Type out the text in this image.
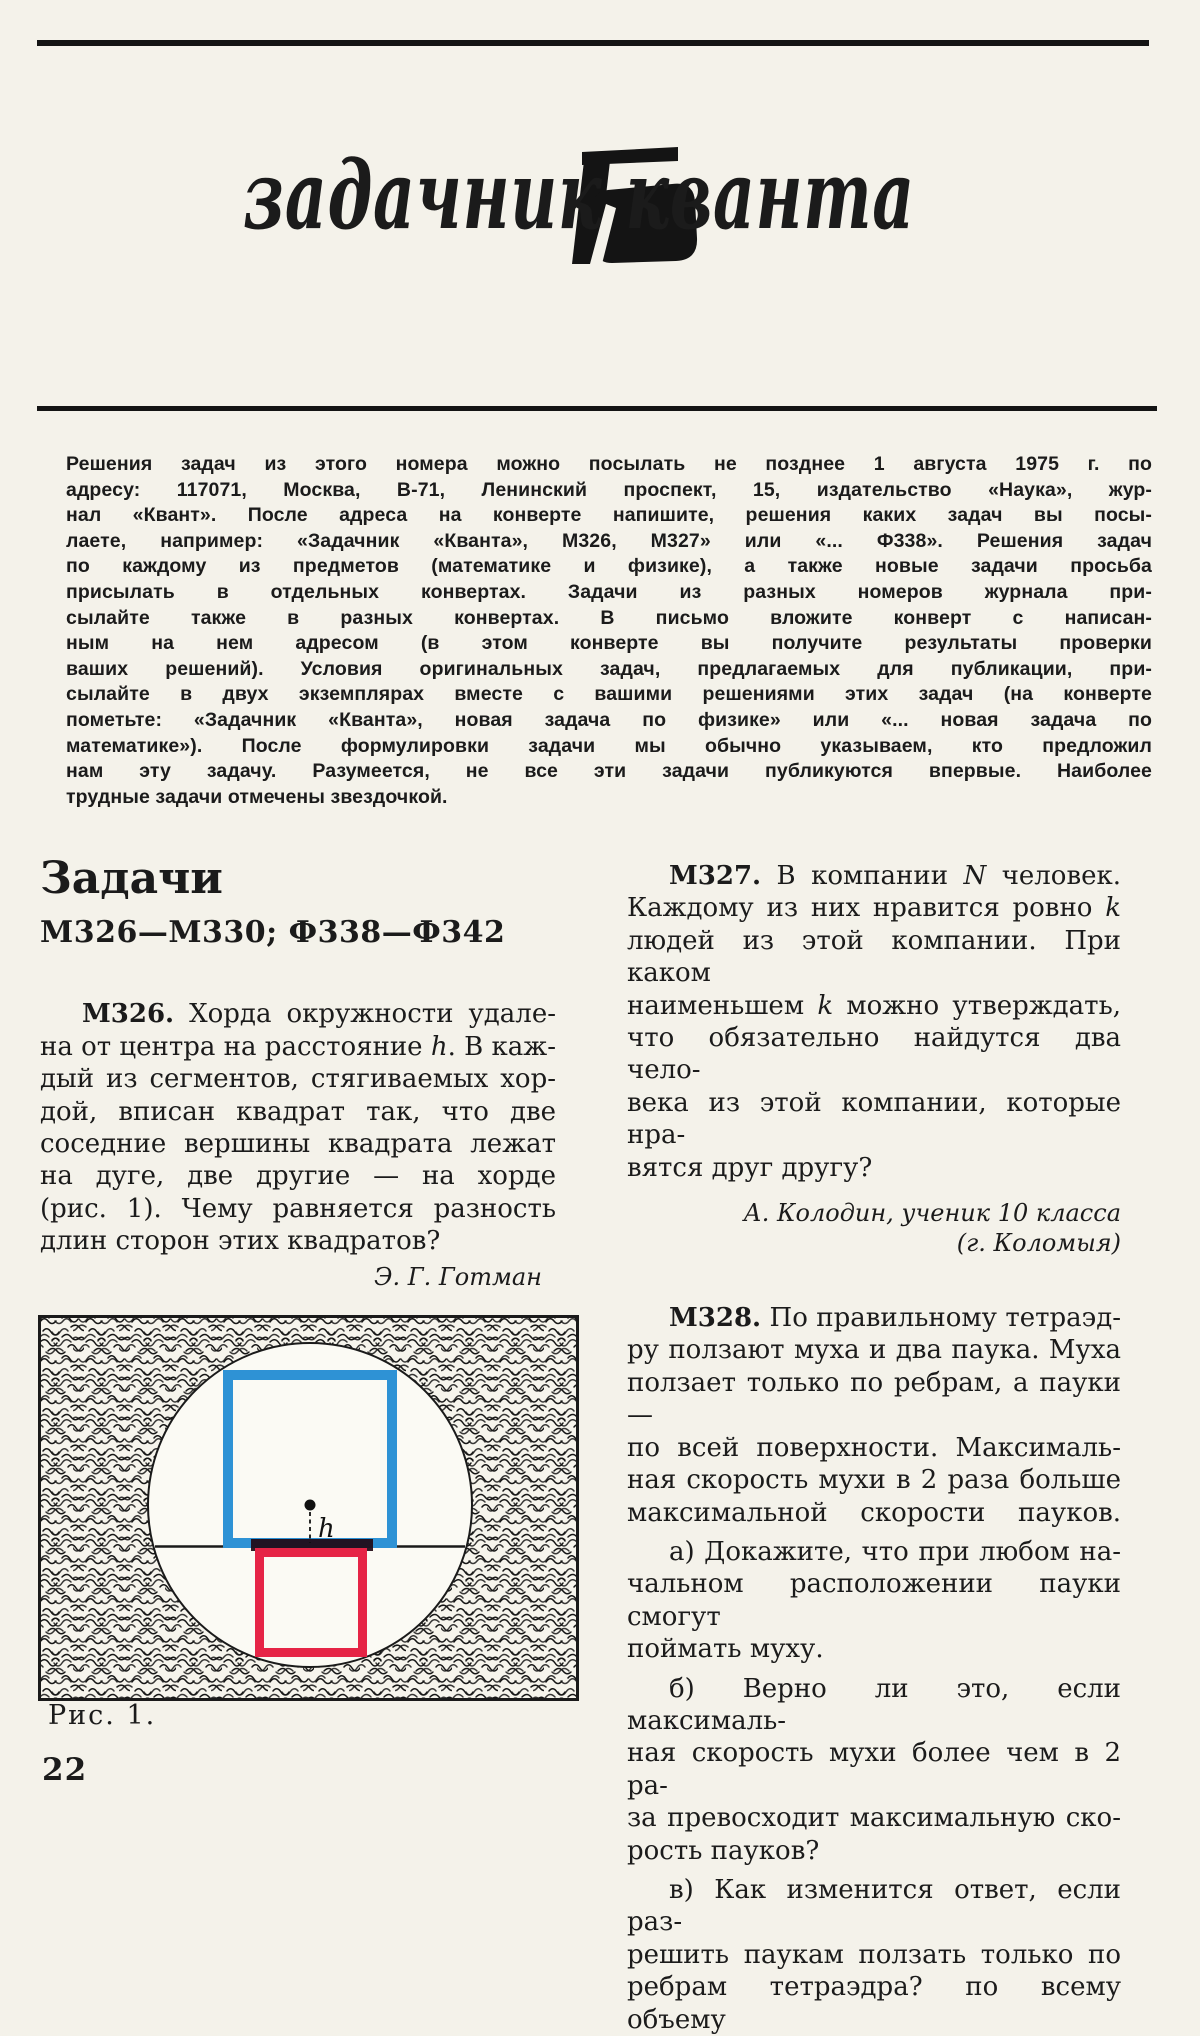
задачник кванта
Решения задач из этого номера можно посылать не позднее 1 августа 1975 г. по
адресу: 117071, Москва, В-71, Ленинский проспект, 15, издательство «Наука», жур-
нал «Квант». После адреса на конверте напишите, решения каких задач вы посы-
лаете, например: «Задачник «Кванта», М326, М327» или «... Ф338». Решения задач
по каждому из предметов (математике и физике), а также новые задачи просьба
присылать в отдельных конвертах. Задачи из разных номеров журнала при-
сылайте также в разных конвертах. В письмо вложите конверт с написан-
ным на нем адресом (в этом конверте вы получите результаты проверки
ваших решений). Условия оригинальных задач, предлагаемых для публикации, при-
сылайте в двух экземплярах вместе с вашими решениями этих задач (на конверте
пометьте: «Задачник «Кванта», новая задача по физике» или «... новая задача по
математике»). После формулировки задачи мы обычно указываем, кто предложил
нам эту задачу. Разумеется, не все эти задачи публикуются впервые. Наиболее
трудные задачи отмечены звездочкой.
Задачи
М326—М330; Ф338—Ф342
М326. Хорда окружности удале-
на от центра на расстояние h. В каж-
дый из сегментов, стягиваемых хор-
дой, вписан квадрат так, что две
соседние вершины квадрата лежат
на дуге, две другие — на хорде
(рис. 1). Чему равняется разность
длин сторон этих квадратов?
Э. Г. Готман
h
Рис. 1.
22
М327. В компании N человек.
Каждому из них нравится ровно k
людей из этой компании. При каком
наименьшем k можно утверждать,
что обязательно найдутся два чело-
века из этой компании, которые нра-
вятся друг другу?
А. Колодин, ученик 10 класса
(г. Коломыя)
М328. По правильному тетраэд-
ру ползают муха и два паука. Муха
ползает только по ребрам, а пауки —
по всей поверхности. Максималь-
ная скорость мухи в 2 раза больше
максимальной скорости пауков.
а) Докажите, что при любом на-
чальном расположении пауки смогут
поймать муху.
б) Верно ли это, если максималь-
ная скорость мухи более чем в 2 ра-
за превосходит максимальную ско-
рость пауков?
в) Как изменится ответ, если раз-
решить паукам ползать только по
ребрам тетраэдра? по всему объему
